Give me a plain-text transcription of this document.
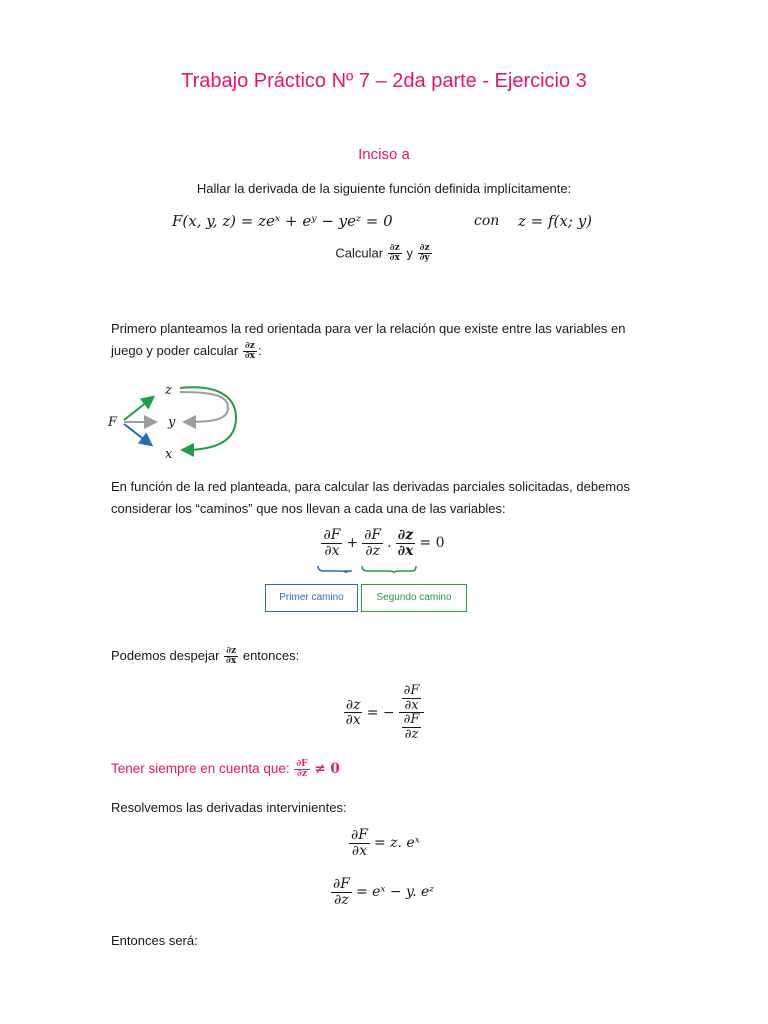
Trabajo Práctico Nº 7 – 2da parte - Ejercicio 3
Inciso a
Hallar la derivada de la siguiente función definida implícitamente:
F(x, y, z) = zeˣ + eʸ − yeᶻ = 0	con z = f(x; y)
Calcular $\frac{\partial z}{\partial x}$ y $\frac{\partial z}{\partial y}$
Primero planteamos la red orientada para ver la relación que existe entre las variables en
juego y poder calcular $\frac{\partial z}{\partial x}$ :
F
z
y
x
En función de la red planteada, para calcular las derivadas parciales solicitadas, debemos considerar los “caminos” que nos llevan a cada una de las variables:
$\frac{\partial F}{\partial x} + \frac{\partial F}{\partial z}$ . $\frac{\partial z}{\partial x} = 0$
Primer camino	Segundo camino
Podemos despejar $\frac{\partial z}{\partial x}$ entonces:
$\frac{\partial z}{\partial x}$ = − $\frac{\frac{\partial F}{\partial x}}{\frac{\partial F}{\partial z}}$
Tener siempre en cuenta que: $\frac{\partial F}{\partial z} \ne 0$
Resolvemos las derivadas intervinientes:
$\frac{\partial F}{\partial x} = z$. eˣ
$\frac{\partial F}{\partial z}$ = eˣ − y. eᶻ
Entonces será:
